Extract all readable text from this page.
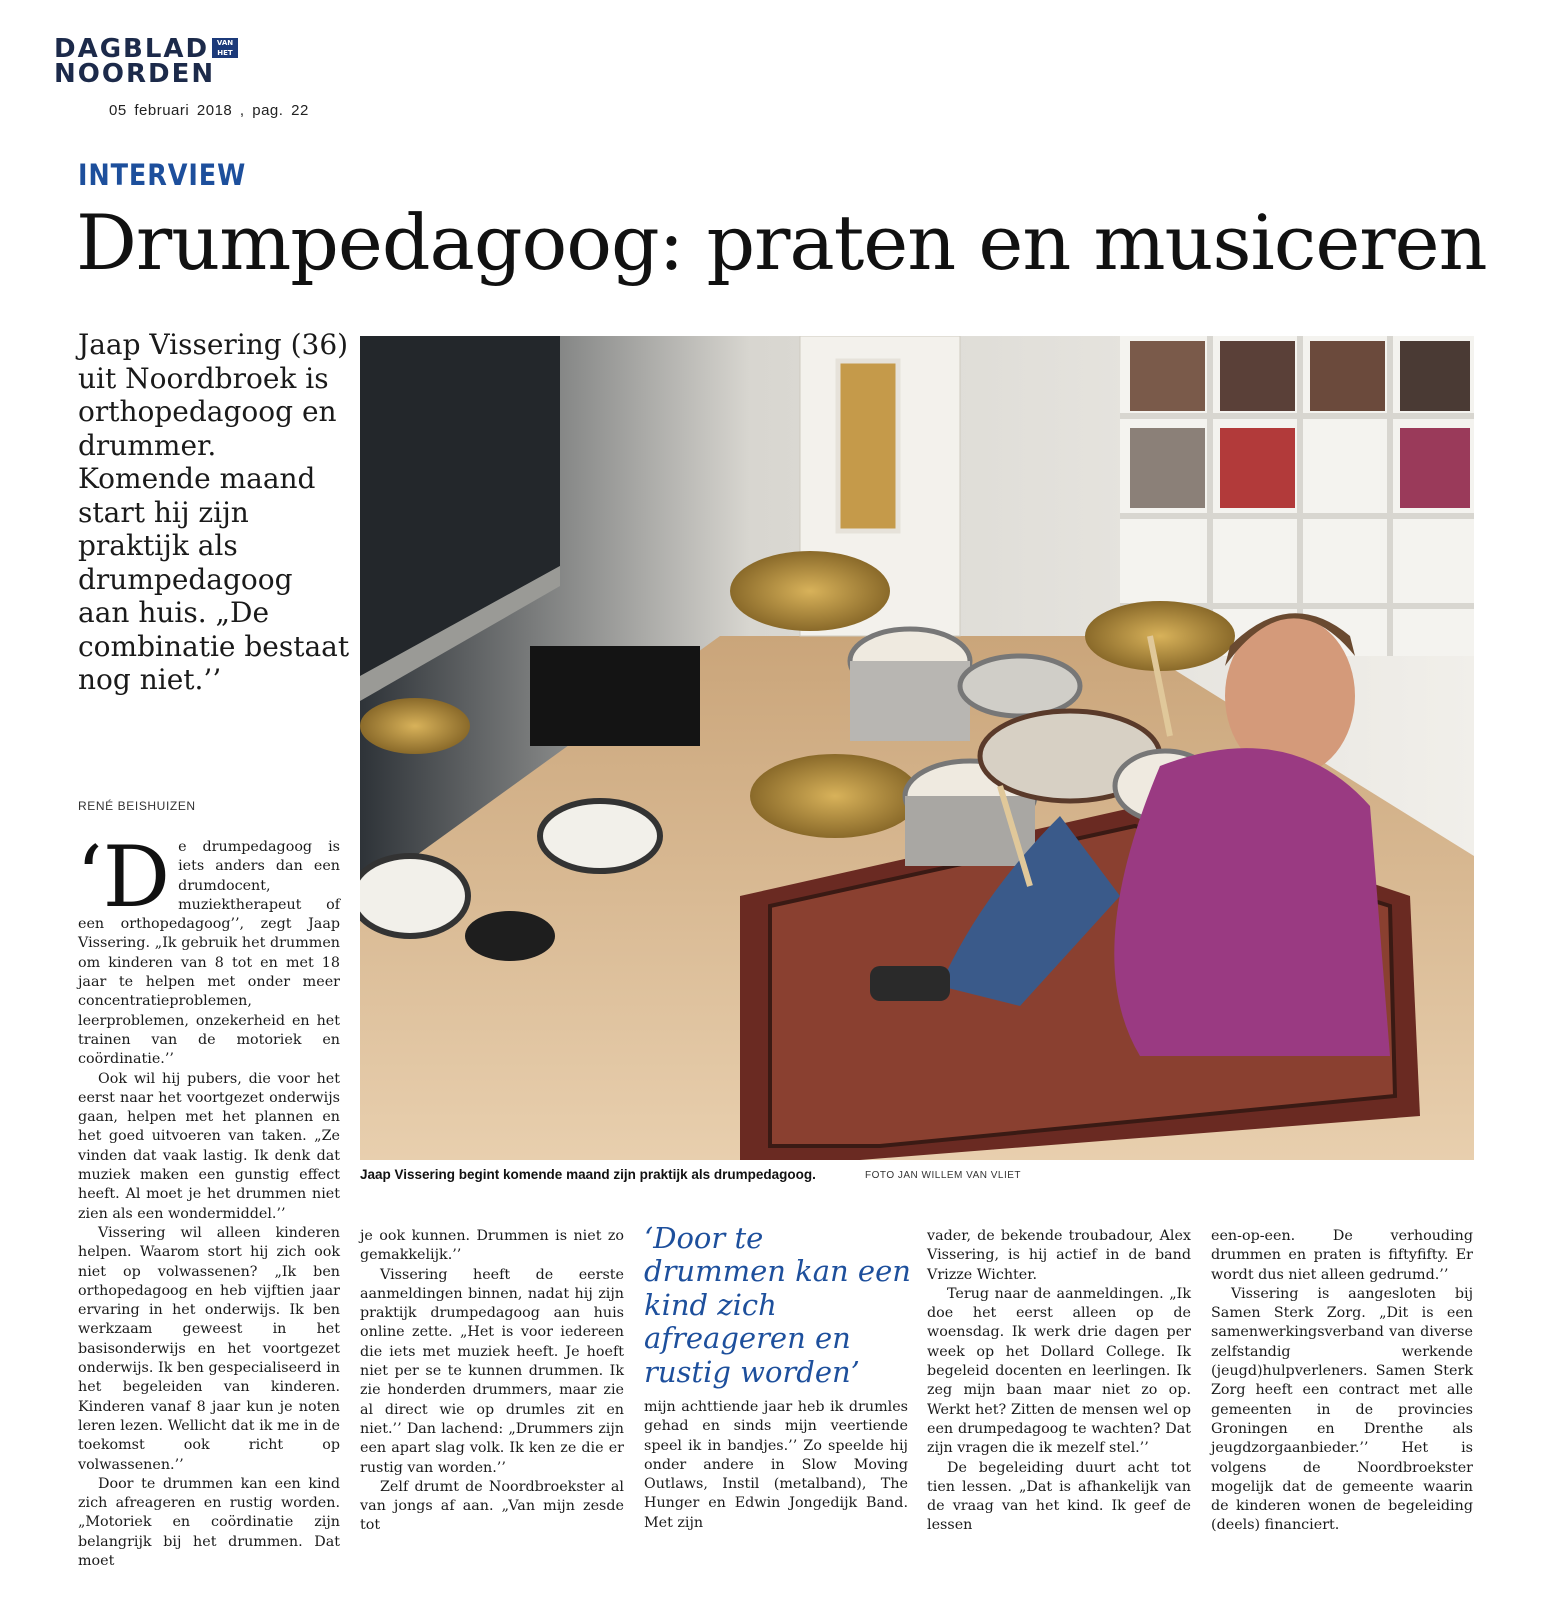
DAGBLAD	VAN HET
NOORDEN
05 februari 2018 , pag. 22
INTERVIEW
Drumpedagoog: praten en musiceren
Jaap Vissering (36) uit Noordbroek is orthopedagoog en drummer. Komende maand start hij zijn praktijk als drumpedagoog aan huis. „De combinatie bestaat nog niet.’’
Jaap Vissering begint komende maand zijn praktijk als drumpedagoog.	FOTO JAN WILLEM VAN VLIET
RENÉ BEISHUIZEN
‘D e drumpedagoog is iets anders dan een drumdocent, muziektherapeut of een orthopedagoog’’, zegt Jaap Vissering. „Ik gebruik het drummen om kinderen van 8 tot en met 18 jaar te helpen met onder meer concentratieproblemen, leerproblemen, onzekerheid en het trainen van de motoriek en coördinatie.’’

Ook wil hij pubers, die voor het eerst naar het voortgezet onderwijs gaan, helpen met het plannen en het goed uitvoeren van taken. „Ze vinden dat vaak lastig. Ik denk dat muziek maken een gunstig effect heeft. Al moet je het drummen niet zien als een wondermiddel.’’

Vissering wil alleen kinderen helpen. Waarom stort hij zich ook niet op volwassenen? „Ik ben orthopedagoog en heb vijftien jaar ervaring in het onderwijs. Ik ben werkzaam geweest in het basisonderwijs en het voortgezet onderwijs. Ik ben gespecialiseerd in het begeleiden van kinderen. Kinderen vanaf 8 jaar kun je noten leren lezen. Wellicht dat ik me in de toekomst ook richt op volwassenen.’’

Door te drummen kan een kind zich afreageren en rustig worden. „Motoriek en coördinatie zijn belangrijk bij het drummen. Dat moet

je ook kunnen. Drummen is niet zo gemakkelijk.’’

Vissering heeft de eerste aanmeldingen binnen, nadat hij zijn praktijk drumpedagoog aan huis online zette. „Het is voor iedereen die iets met muziek heeft. Je hoeft niet per se te kunnen drummen. Ik zie honderden drummers, maar zie al direct wie op drumles zit en niet.’’ Dan lachend: „Drummers zijn een apart slag volk. Ik ken ze die er rustig van worden.’’

Zelf drumt de Noordbroekster al van jongs af aan. „Van mijn zesde tot

‘Door te drummen kan een kind zich afreageren en rustig worden’

mijn achttiende jaar heb ik drumles gehad en sinds mijn veertiende speel ik in bandjes.’’ Zo speelde hij onder andere in Slow Moving Outlaws, Instil (metalband), The Hunger en Edwin Jongedijk Band. Met zijn

vader, de bekende troubadour, Alex Vissering, is hij actief in de band Vrizze Wichter.

Terug naar de aanmeldingen. „Ik doe het eerst alleen op de woensdag. Ik werk drie dagen per week op het Dollard College. Ik begeleid docenten en leerlingen. Ik zeg mijn baan maar niet zo op. Werkt het? Zitten de mensen wel op een drumpedagoog te wachten? Dat zijn vragen die ik mezelf stel.’’

De begeleiding duurt acht tot tien lessen. „Dat is afhankelijk van de vraag van het kind. Ik geef de lessen

een-op-een. De verhouding drummen en praten is fiftyfifty. Er wordt dus niet alleen gedrumd.’’

Vissering is aangesloten bij Samen Sterk Zorg. „Dit is een samenwerkingsverband van diverse zelfstandig werkende (jeugd)hulpverleners. Samen Sterk Zorg heeft een contract met alle gemeenten in de provincies Groningen en Drenthe als jeugdzorgaanbieder.’’ Het is volgens de Noordbroekster mogelijk dat de gemeente waarin de kinderen wonen de begeleiding (deels) financiert.
